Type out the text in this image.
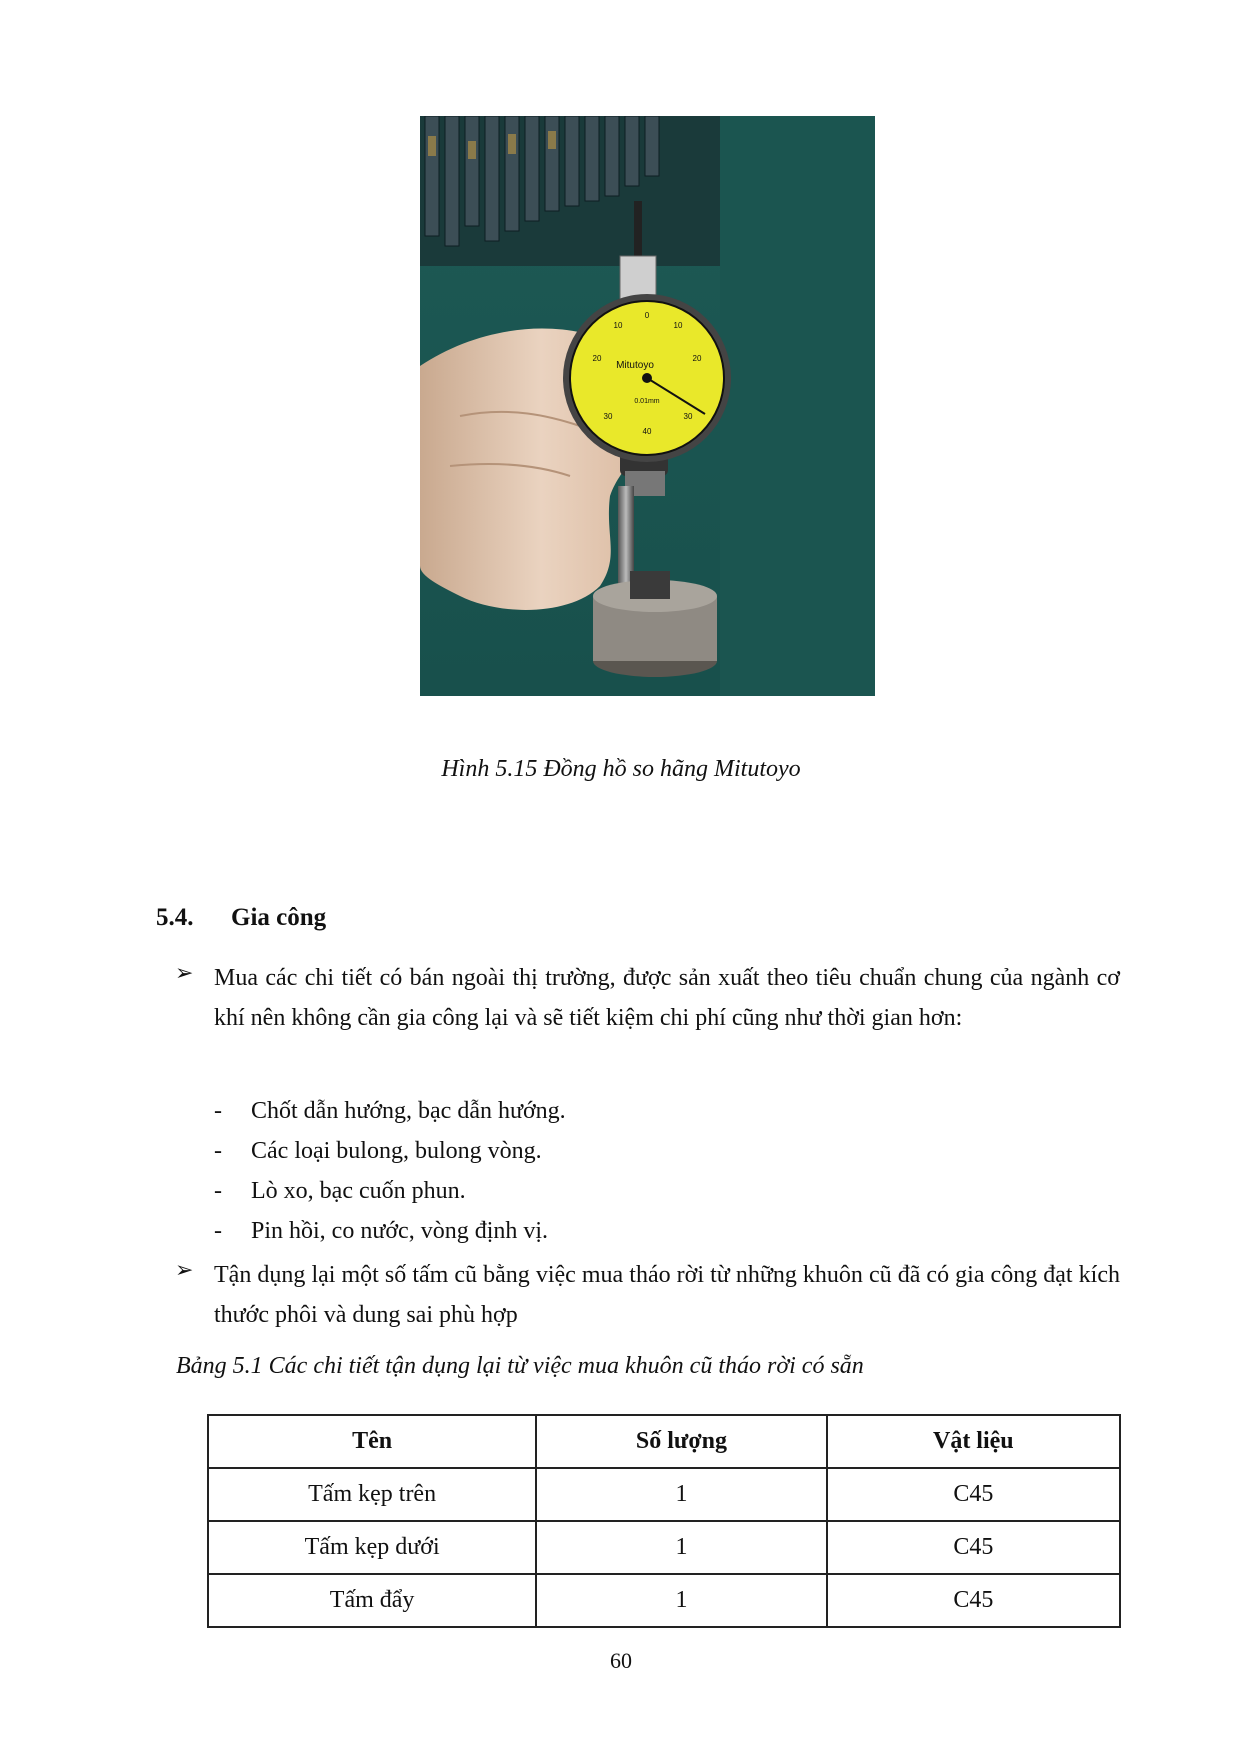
Mitutoyo
0
10	10
20	20
30	30
40
0.01mm
Hình 5.15 Đồng hồ so hãng Mitutoyo
5.4. Gia công
➢ Mua các chi tiết có bán ngoài thị trường, được sản xuất theo tiêu chuẩn chung của ngành cơ khí nên không cần gia công lại và sẽ tiết kiệm chi phí cũng như thời gian hơn:
- Chốt dẫn hướng, bạc dẫn hướng.
- Các loại bulong, bulong vòng.
- Lò xo, bạc cuốn phun.
- Pin hồi, co nước, vòng định vị.
➢ Tận dụng lại một số tấm cũ bằng việc mua tháo rời từ những khuôn cũ đã có gia công đạt kích thước phôi và dung sai phù hợp
Bảng 5.1 Các chi tiết tận dụng lại từ việc mua khuôn cũ tháo rời có sẵn
Tên	Số lượng	Vật liệu
Tấm kẹp trên	1	C45
Tấm kẹp dưới	1	C45
Tấm đẩy	1	C45
60
